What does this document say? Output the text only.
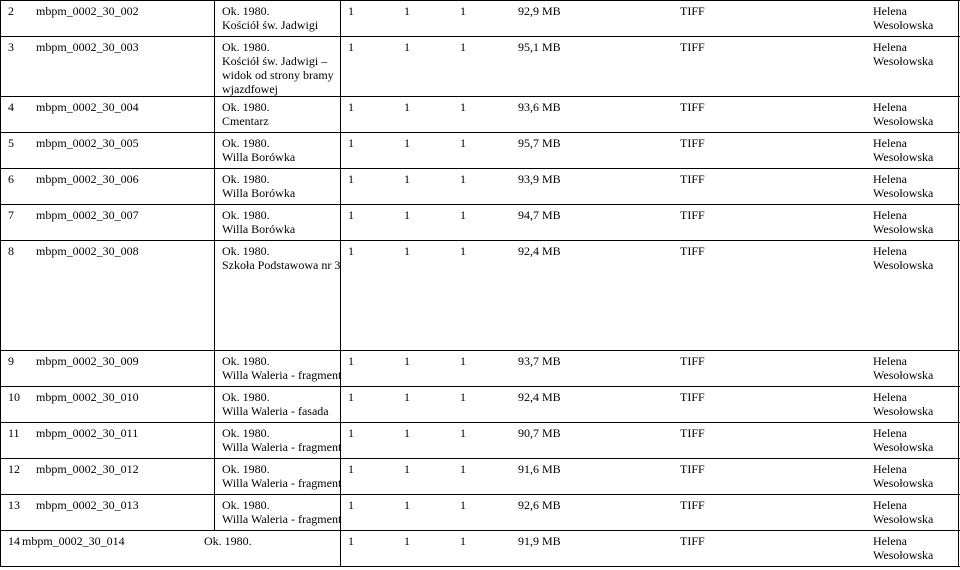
2 mbpm_0002_30_002	Ok. 1980.
Kościół św. Jadwigi
1	1	1	92,9 MB	TIFF	Helena
Wesołowska
3 mbpm_0002_30_003	Ok. 1980.
Kościół św. Jadwigi –
widok od strony bramy
wjazdfowej
1	1	1	95,1 MB	TIFF	Helena
Wesołowska
4 mbpm_0002_30_004	Ok. 1980.
Cmentarz
1	1	1	93,6 MB	TIFF	Helena
Wesołowska
5 mbpm_0002_30_005	Ok. 1980.
Willa Borówka
1	1	1	95,7 MB	TIFF	Helena
Wesołowska
6 mbpm_0002_30_006	Ok. 1980.
Willa Borówka
1	1	1	93,9 MB	TIFF	Helena
Wesołowska
7 mbpm_0002_30_007	Ok. 1980.
Willa Borówka
1	1	1	94,7 MB	TIFF	Helena
Wesołowska
8 mbpm_0002_30_008	Ok. 1980.
Szkoła Podstawowa nr 3
1	1	1	92,4 MB	TIFF	Helena
Wesołowska
9 mbpm_0002_30_009	Ok. 1980.
Willa Waleria - fragment
1	1	1	93,7 MB	TIFF	Helena
Wesołowska
10 mbpm_0002_30_010	Ok. 1980.
Willa Waleria - fasada
1	1	1	92,4 MB	TIFF	Helena
Wesołowska
11 mbpm_0002_30_011	Ok. 1980.
Willa Waleria - fragment
1	1	1	90,7 MB	TIFF	Helena
Wesołowska
12 mbpm_0002_30_012	Ok. 1980.
Willa Waleria - fragment
1	1	1	91,6 MB	TIFF	Helena
Wesołowska
13 mbpm_0002_30_013	Ok. 1980.
Willa Waleria - fragment
1	1	1	92,6 MB	TIFF	Helena
Wesołowska
14 mbpm_0002_30_014	Ok. 1980.	1	1	1	91,9 MB	TIFF	Helena
Wesołowska
